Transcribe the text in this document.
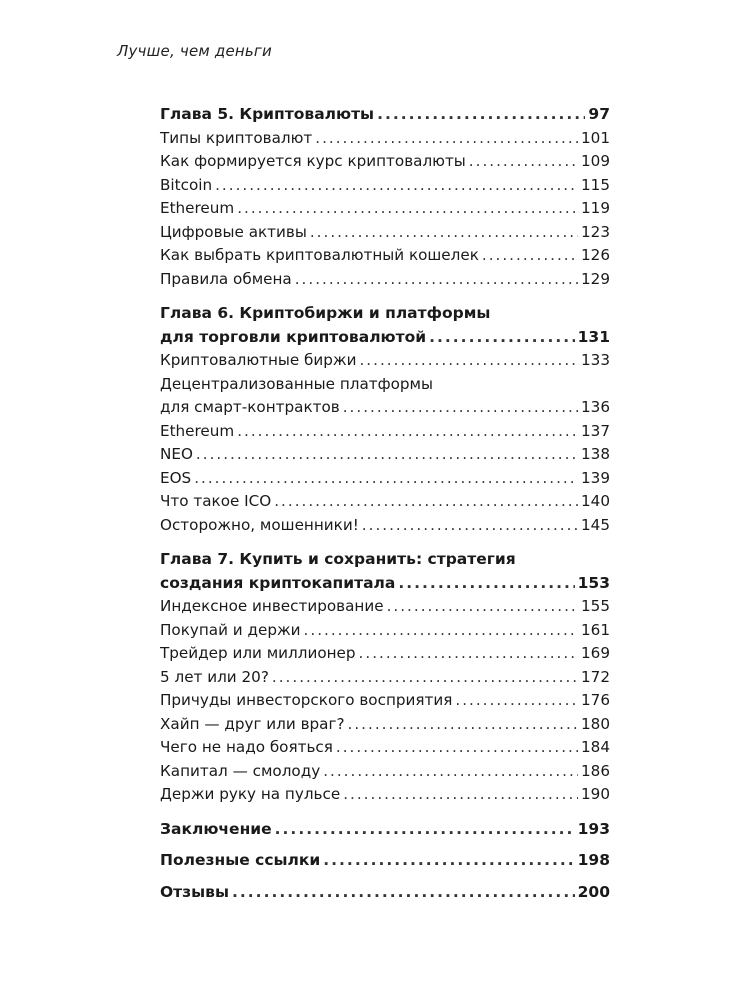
Лучше, чем деньги
Глава 5. Криптовалюты .....	97
Типы криптовалют .....	101
Как формируется курс криптовалюты .....	109
Bitcoin .....	115
Ethereum .....	119
Цифровые активы .....	123
Как выбрать криптовалютный кошелек .....	126
Правила обмена .....	129
Глава 6. Криптобиржи и платформы
для торговли криптовалютой .....	131
Криптовалютные биржи .....	133
Децентрализованные платформы
для смарт-контрактов .....	136
Ethereum .....	137
NEO .....	138
EOS .....	139
Что такое ICO .....	140
Осторожно, мошенники! .....	145
Глава 7. Купить и сохранить: стратегия
создания криптокапитала .....	153
Индексное инвестирование .....	155
Покупай и держи .....	161
Трейдер или миллионер .....	169
5 лет или 20? .....	172
Причуды инвесторского восприятия .....	176
Хайп — друг или враг? .....	180
Чего не надо бояться .....	184
Капитал — смолоду .....	186
Держи руку на пульсе .....	190
Заключение .....	193
Полезные ссылки .....	198
Отзывы .....	200
